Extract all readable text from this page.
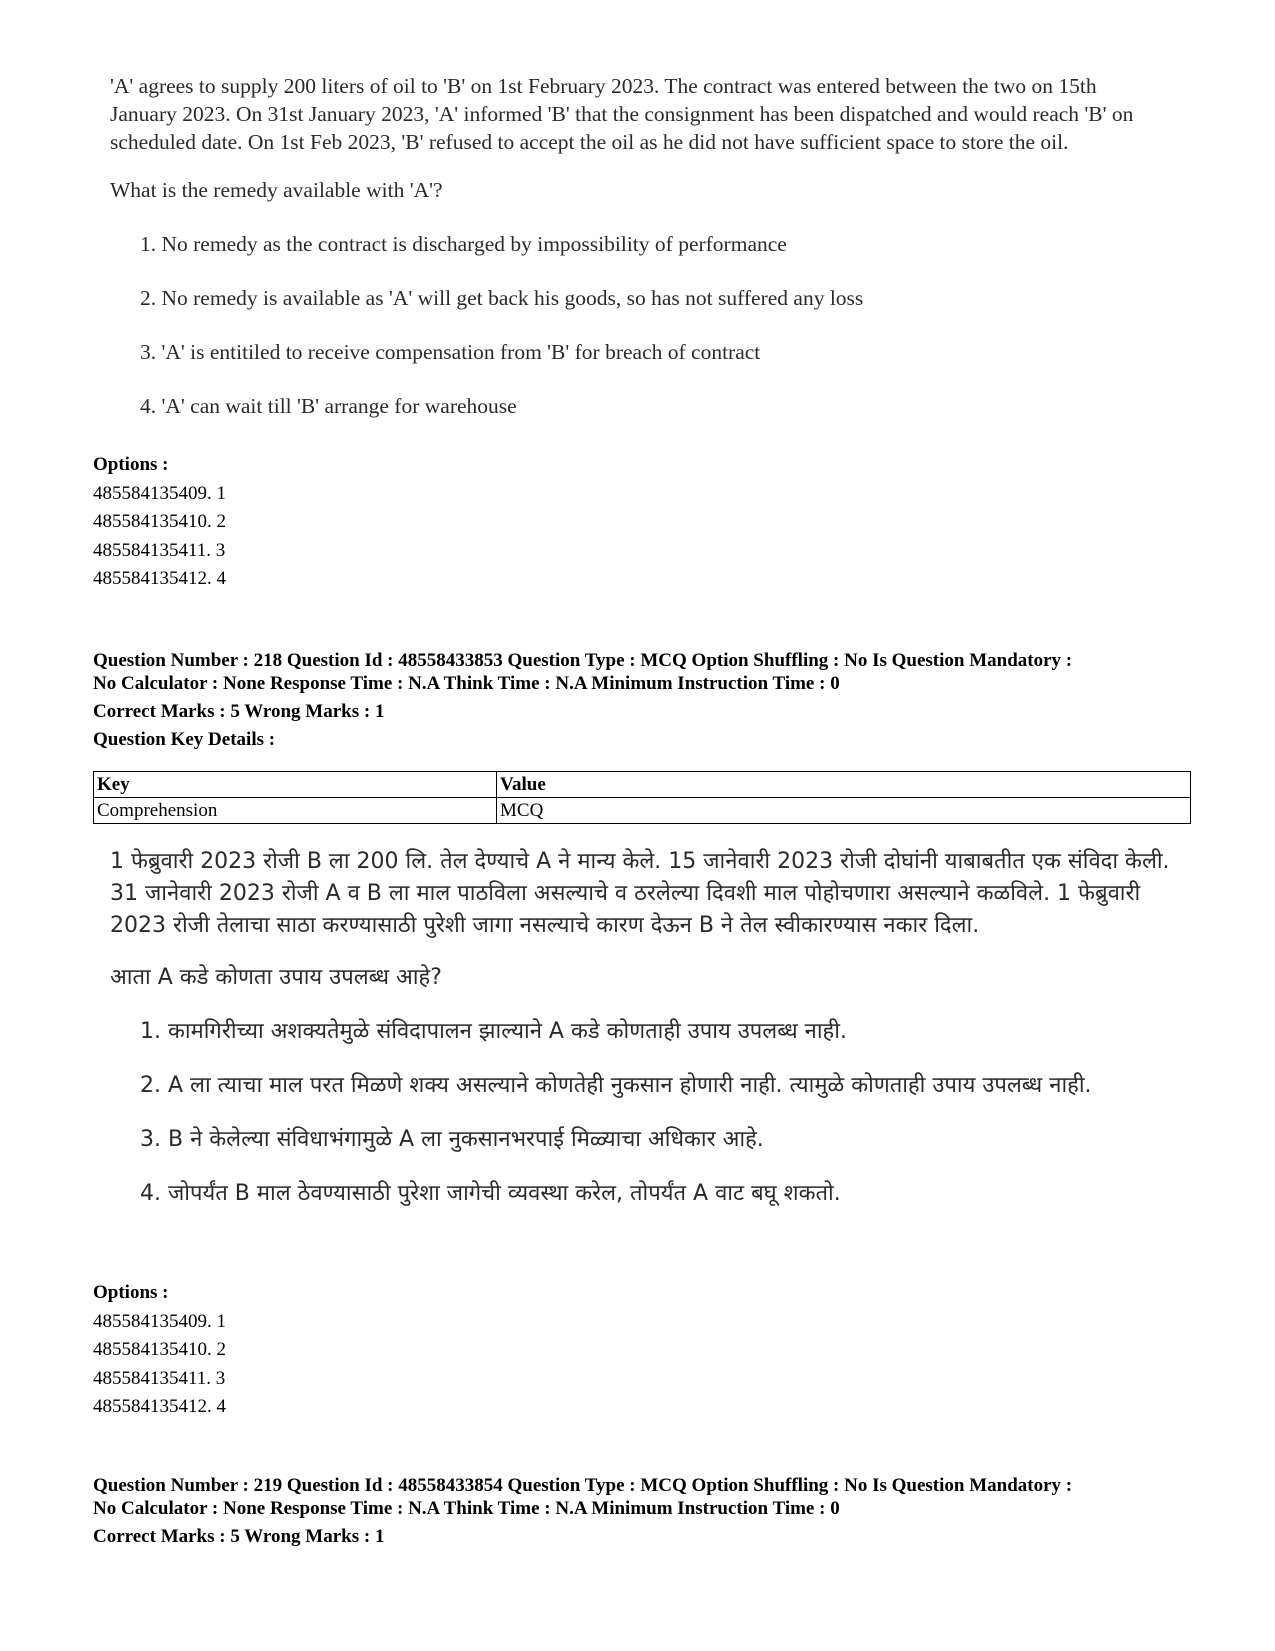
'A' agrees to supply 200 liters of oil to 'B' on 1st February 2023. The contract was entered between the two on 15th January 2023. On 31st January 2023, 'A' informed 'B' that the consignment has been dispatched and would reach 'B' on scheduled date. On 1st Feb 2023, 'B' refused to accept the oil as he did not have sufficient space to store the oil.

What is the remedy available with 'A'?

1. No remedy as the contract is discharged by impossibility of performance
2. No remedy is available as 'A' will get back his goods, so has not suffered any loss
3. 'A' is entitiled to receive compensation from 'B' for breach of contract
4. 'A' can wait till 'B' arrange for warehouse
Options :
485584135409. 1
485584135410. 2
485584135411. 3
485584135412. 4
Question Number : 218 Question Id : 48558433853 Question Type : MCQ Option Shuffling : No Is Question Mandatory :
No Calculator : None Response Time : N.A Think Time : N.A Minimum Instruction Time : 0
Correct Marks : 5 Wrong Marks : 1
Question Key Details :
Key	Value
Comprehension	MCQ

1 फेब्रुवारी 2023 रोजी B ला 200 लि. तेल देण्याचे A ने मान्य केले. 15 जानेवारी 2023 रोजी दोघांनी याबाबतीत एक संविदा केली. 31 जानेवारी 2023 रोजी A व B ला माल पाठविला असल्याचे व ठरलेल्या दिवशी माल पोहोचणारा असल्याने कळविले. 1 फेब्रुवारी 2023 रोजी तेलाचा साठा करण्यासाठी पुरेशी जागा नसल्याचे कारण देऊन B ने तेल स्वीकारण्यास नकार दिला.

आता A कडे कोणता उपाय उपलब्ध आहे?

1. कामगिरीच्या अशक्यतेमुळे संविदापालन झाल्याने A कडे कोणताही उपाय उपलब्ध नाही.
2. A ला त्याचा माल परत मिळणे शक्य असल्याने कोणतेही नुकसान होणारी नाही. त्यामुळे कोणताही उपाय उपलब्ध नाही.
3. B ने केलेल्या संविधाभंगामुळे A ला नुकसानभरपाई मिळ्याचा अधिकार आहे.
4. जोपर्यंत B माल ठेवण्यासाठी पुरेशा जागेची व्यवस्था करेल, तोपर्यंत A वाट बघू शकतो.
Options :
485584135409. 1
485584135410. 2
485584135411. 3
485584135412. 4
Question Number : 219 Question Id : 48558433854 Question Type : MCQ Option Shuffling : No Is Question Mandatory :
No Calculator : None Response Time : N.A Think Time : N.A Minimum Instruction Time : 0
Correct Marks : 5 Wrong Marks : 1
